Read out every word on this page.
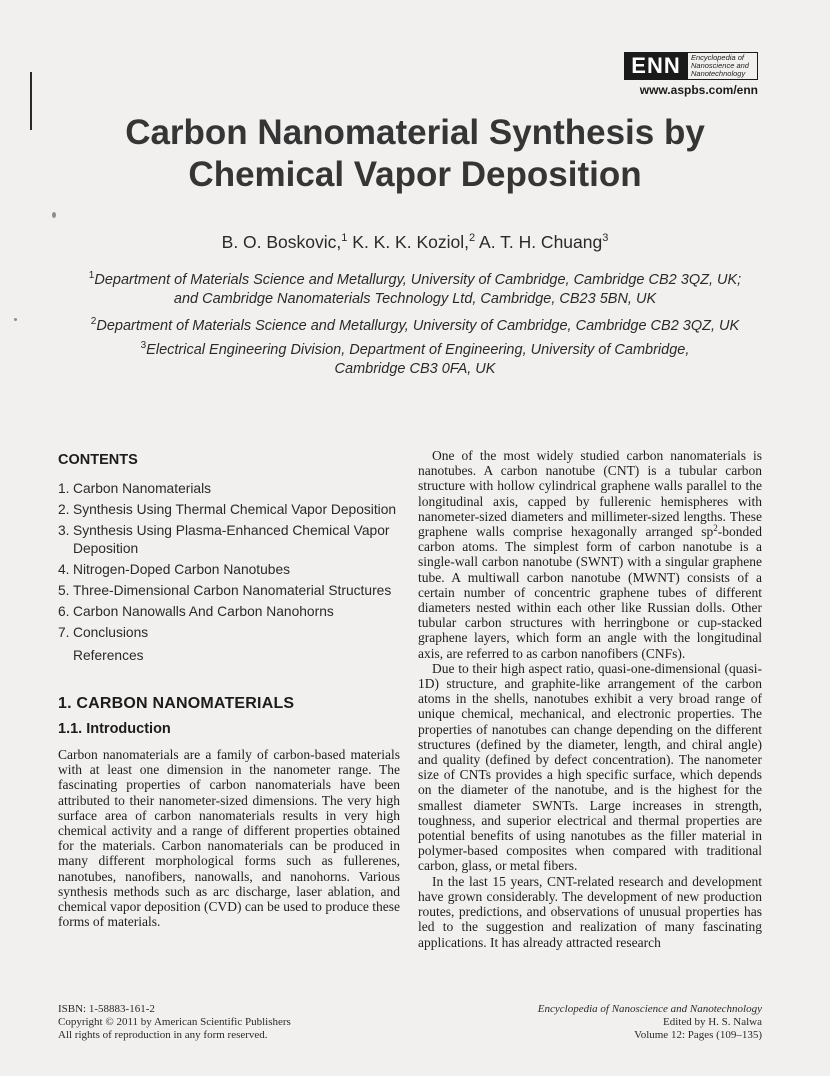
ENN	Encyclopedia of
Nanoscience and
Nanotechnology
www.aspbs.com/enn
Carbon Nanomaterial Synthesis by
Chemical Vapor Deposition
B. O. Boskovic,$^1$ K. K. K. Koziol,$^2$ A. T. H. Chuang$^3$
$^1$Department of Materials Science and Metallurgy, University of Cambridge, Cambridge CB2 3QZ, UK;
and Cambridge Nanomaterials Technology Ltd, Cambridge, CB23 5BN, UK
$^2$Department of Materials Science and Metallurgy, University of Cambridge, Cambridge CB2 3QZ, UK
$^3$Electrical Engineering Division, Department of Engineering, University of Cambridge,
Cambridge CB3 0FA, UK
CONTENTS
1. Carbon Nanomaterials
2. Synthesis Using Thermal Chemical Vapor Deposition
3. Synthesis Using Plasma-Enhanced Chemical Vapor Deposition
4. Nitrogen-Doped Carbon Nanotubes
5. Three-Dimensional Carbon Nanomaterial Structures
6. Carbon Nanowalls And Carbon Nanohorns
7. Conclusions
References
1. CARBON NANOMATERIALS
1.1. Introduction

Carbon nanomaterials are a family of carbon-based materials with at least one dimension in the nanometer range. The fascinating properties of carbon nanomaterials have been attributed to their nanometer-sized dimensions. The very high surface area of carbon nanomaterials results in very high chemical activity and a range of different properties obtained for the materials. Carbon nanomaterials can be produced in many different morphological forms such as fullerenes, nanotubes, nanofibers, nanowalls, and nanohorns. Various synthesis methods such as arc discharge, laser ablation, and chemical vapor deposition (CVD) can be used to produce these forms of materials.

One of the most widely studied carbon nanomaterials is nanotubes. A carbon nanotube (CNT) is a tubular carbon structure with hollow cylindrical graphene walls parallel to the longitudinal axis, capped by fullerenic hemispheres with nanometer-sized diameters and millimeter-sized lengths. These graphene walls comprise hexagonally arranged $sp^2$-bonded carbon atoms. The simplest form of carbon nanotube is a single-wall carbon nanotube (SWNT) with a singular graphene tube. A multiwall carbon nanotube (MWNT) consists of a certain number of concentric graphene tubes of different diameters nested within each other like Russian dolls. Other tubular carbon structures with herringbone or cup-stacked graphene layers, which form an angle with the longitudinal axis, are referred to as carbon nanofibers (CNFs).

Due to their high aspect ratio, quasi-one-dimensional (quasi-1D) structure, and graphite-like arrangement of the carbon atoms in the shells, nanotubes exhibit a very broad range of unique chemical, mechanical, and electronic properties. The properties of nanotubes can change depending on the different structures (defined by the diameter, length, and chiral angle) and quality (defined by defect concentration). The nanometer size of CNTs provides a high specific surface, which depends on the diameter of the nanotube, and is the highest for the smallest diameter SWNTs. Large increases in strength, toughness, and superior electrical and thermal properties are potential benefits of using nanotubes as the filler material in polymer-based composites when compared with traditional carbon, glass, or metal fibers.

In the last 15 years, CNT-related research and development have grown considerably. The development of new production routes, predictions, and observations of unusual properties has led to the suggestion and realization of many fascinating applications. It has already attracted research

ISBN: 1-58883-161-2
Copyright © 2011 by American Scientific Publishers
All rights of reproduction in any form reserved.
Encyclopedia of Nanoscience and Nanotechnology
Edited by H. S. Nalwa
Volume 12: Pages (109–135)
